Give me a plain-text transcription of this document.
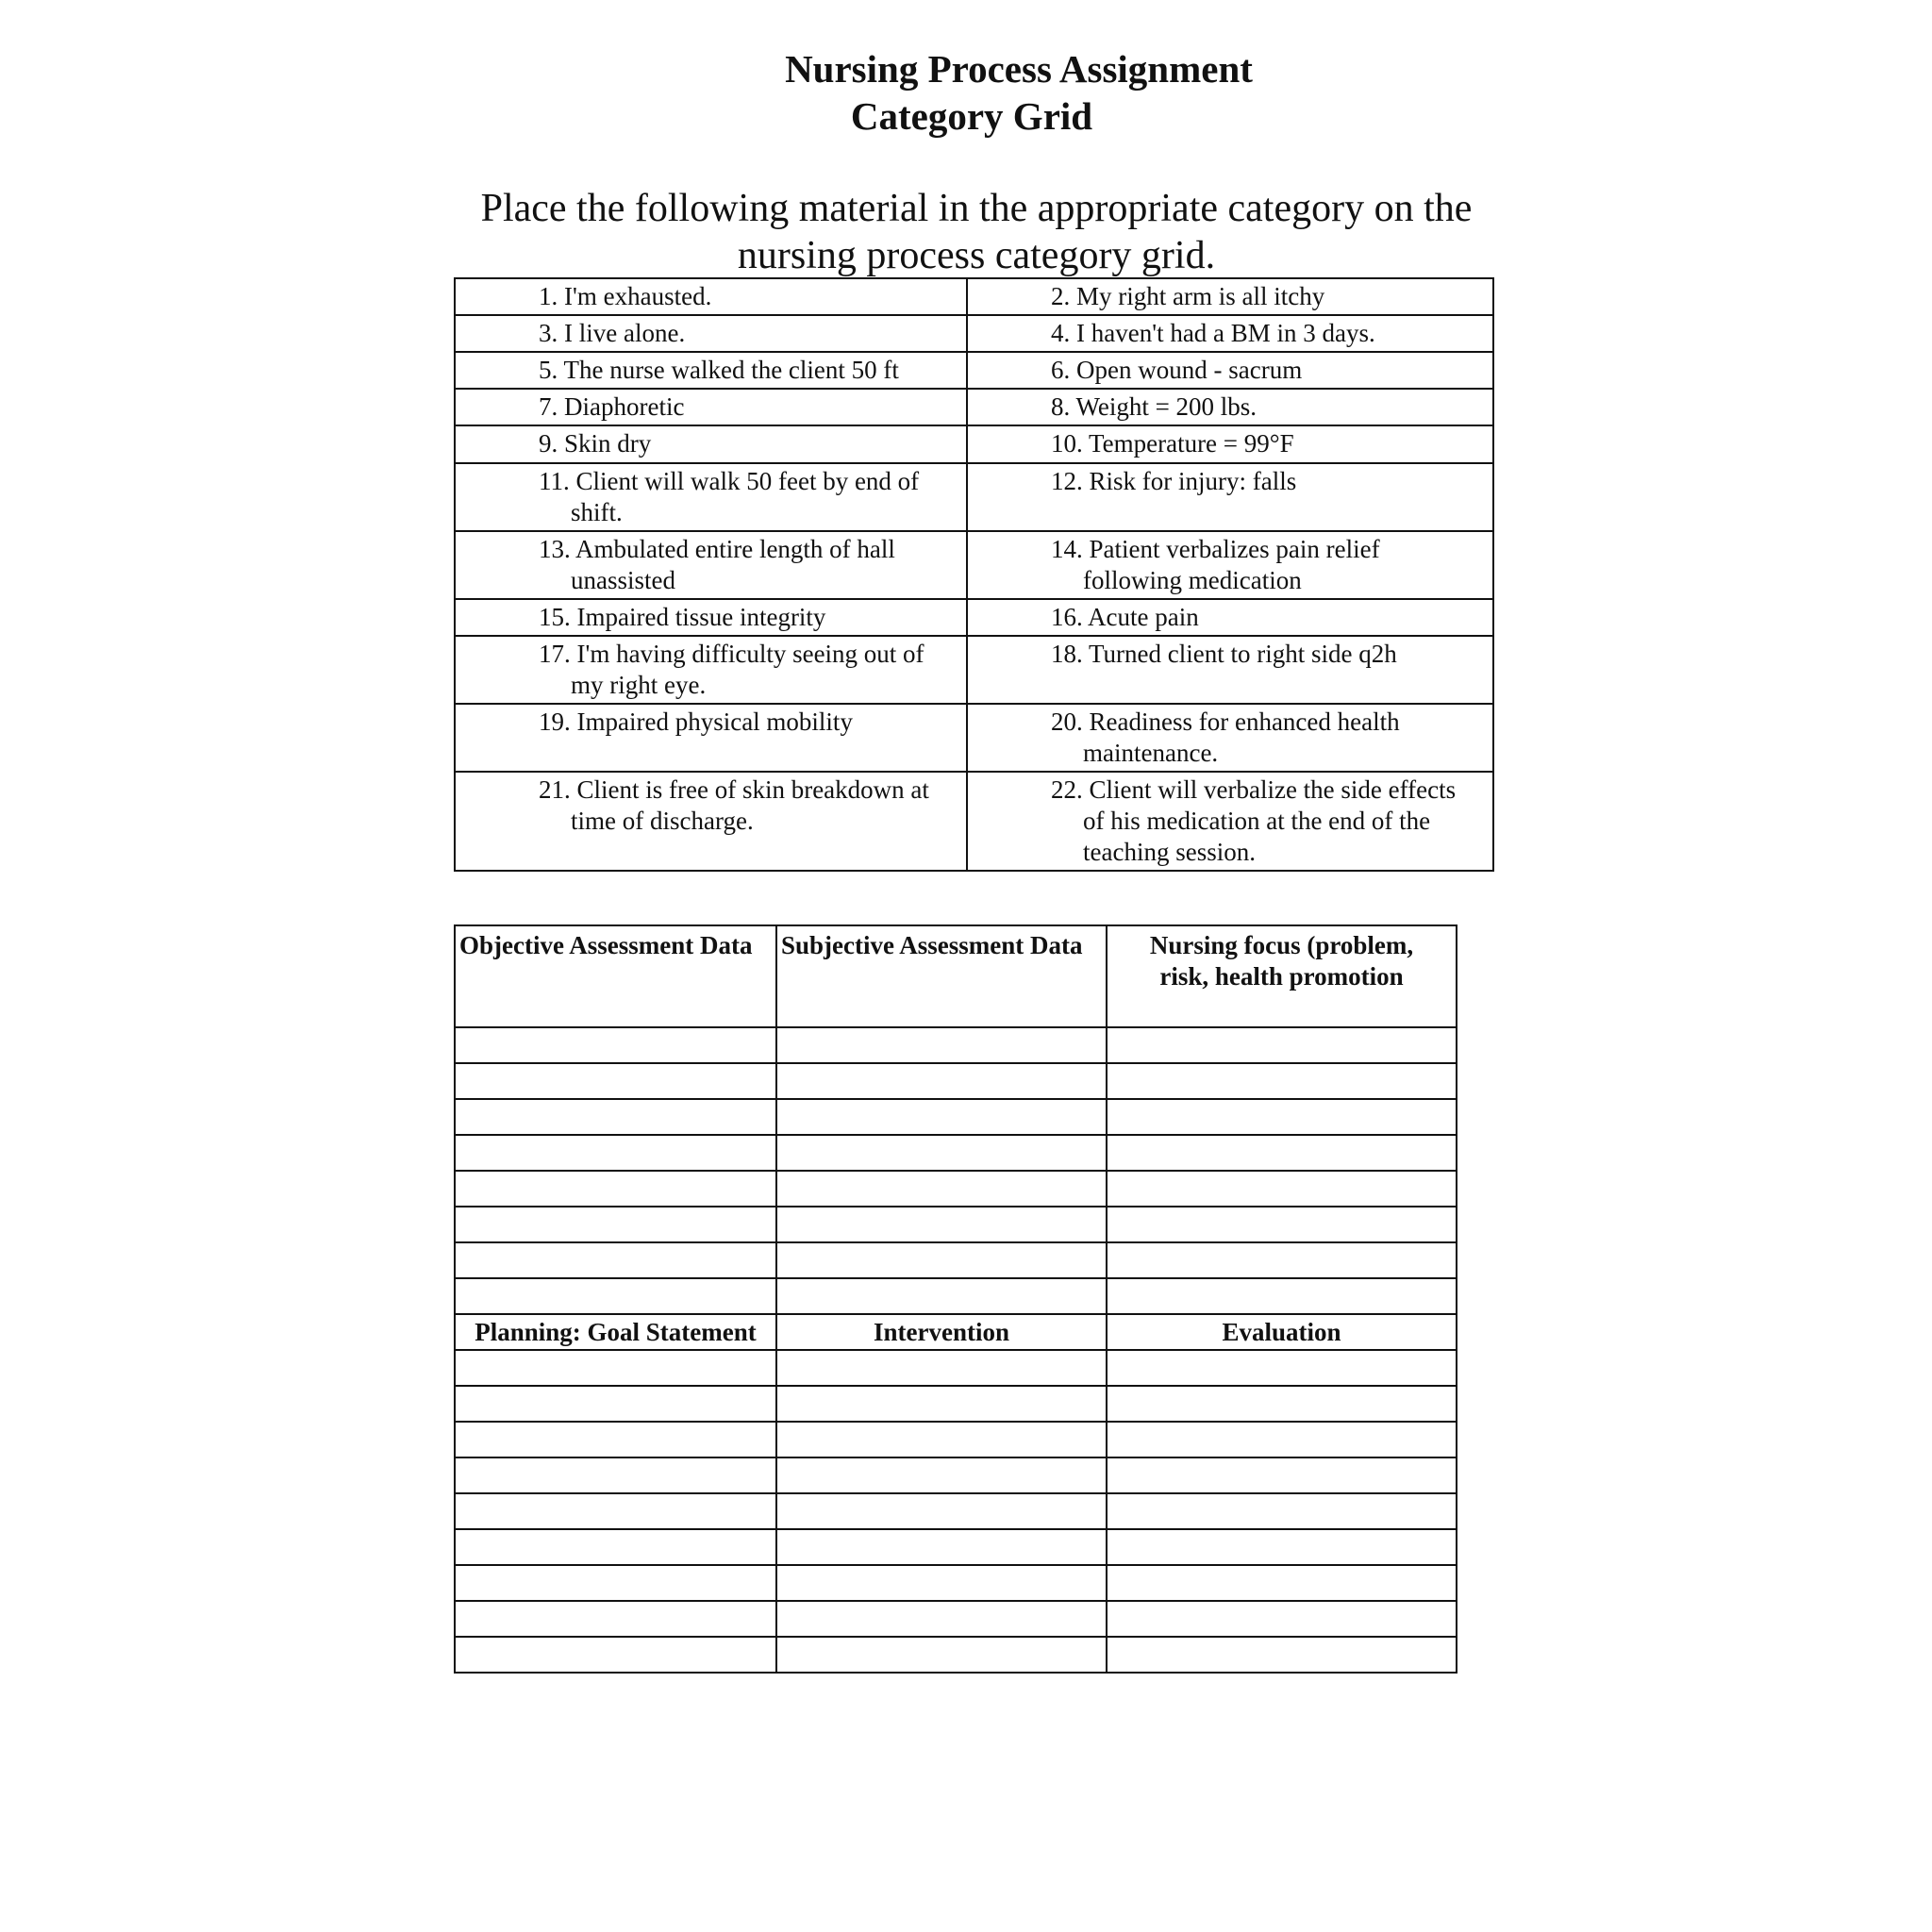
Nursing Process Assignment
Category Grid
Place the following material in the appropriate category on the nursing process category grid.
1. I'm exhausted.	2. My right arm is all itchy

3. I live alone.	4. I haven't had a BM in 3 days.

5. The nurse walked the client 50 ft	6. Open wound - sacrum

7. Diaphoretic	8. Weight = 200 lbs.

9. Skin dry	10. Temperature = 99°F

11. Client will walk 50 feet by end of shift.	12. Risk for injury: falls

13. Ambulated entire length of hall unassisted	14. Patient verbalizes pain relief following medication

15. Impaired tissue integrity	16. Acute pain

17. I'm having difficulty seeing out of my right eye.	18. Turned client to right side q2h

19. Impaired physical mobility	20. Readiness for enhanced health maintenance.

21. Client is free of skin breakdown at time of discharge.	22. Client will verbalize the side effects of his medication at the end of the teaching session.
Objective Assessment Data	Subjective Assessment Data	Nursing focus (problem, risk, health promotion

Planning: Goal Statement	Intervention	Evaluation
